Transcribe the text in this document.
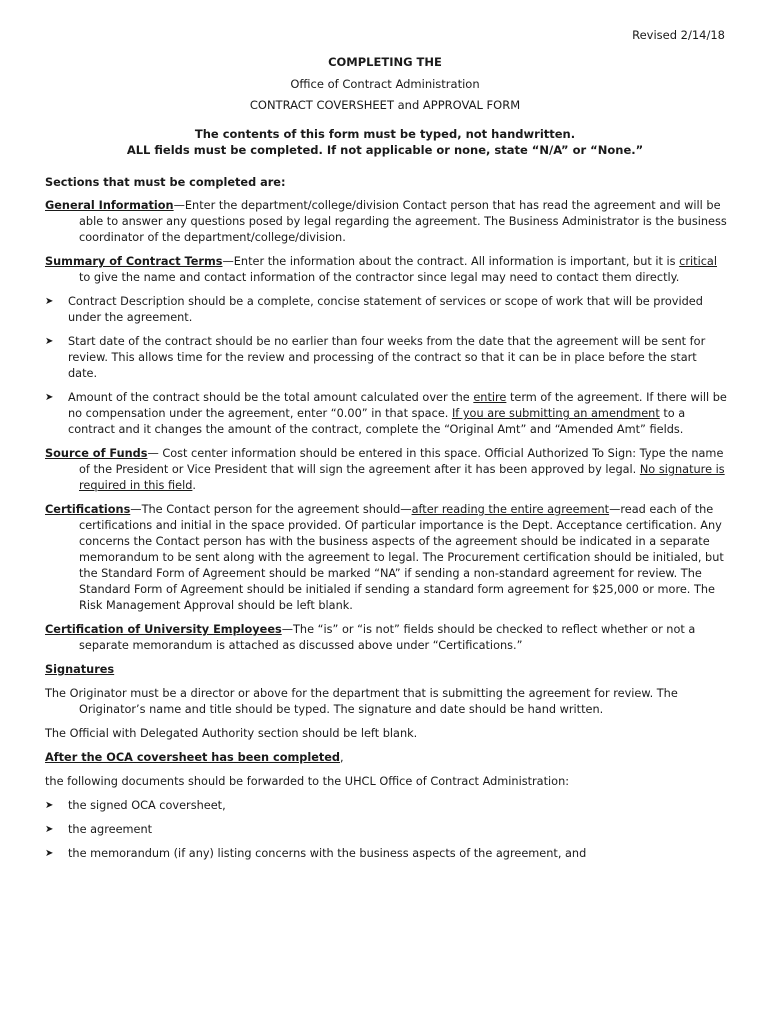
Revised 2/14/18
COMPLETING THE
Office of Contract Administration
CONTRACT COVERSHEET and APPROVAL FORM
The contents of this form must be typed, not handwritten.
ALL fields must be completed. If not applicable or none, state “N/A” or “None.”
Sections that must be completed are:
General Information—Enter the department/college/division Contact person that has read the agreement and will be able to answer any questions posed by legal regarding the agreement. The Business Administrator is the business coordinator of the department/college/division.
Summary of Contract Terms—Enter the information about the contract. All information is important, but it is critical to give the name and contact information of the contractor since legal may need to contact them directly.
➤ Contract Description should be a complete, concise statement of services or scope of work that will be provided under the agreement.
➤ Start date of the contract should be no earlier than four weeks from the date that the agreement will be sent for review. This allows time for the review and processing of the contract so that it can be in place before the start date.
➤ Amount of the contract should be the total amount calculated over the entire term of the agreement. If there will be no compensation under the agreement, enter “0.00” in that space. If you are submitting an amendment to a contract and it changes the amount of the contract, complete the “Original Amt” and “Amended Amt” fields.
Source of Funds— Cost center information should be entered in this space. Official Authorized To Sign: Type the name of the President or Vice President that will sign the agreement after it has been approved by legal. No signature is required in this field.
Certifications—The Contact person for the agreement should—after reading the entire agreement—read each of the certifications and initial in the space provided. Of particular importance is the Dept. Acceptance certification. Any concerns the Contact person has with the business aspects of the agreement should be indicated in a separate memorandum to be sent along with the agreement to legal. The Procurement certification should be initialed, but the Standard Form of Agreement should be marked “NA” if sending a non-standard agreement for review. The Standard Form of Agreement should be initialed if sending a standard form agreement for $25,000 or more. The Risk Management Approval should be left blank.
Certification of University Employees—The “is” or “is not” fields should be checked to reflect whether or not a separate memorandum is attached as discussed above under “Certifications.”
Signatures
The Originator must be a director or above for the department that is submitting the agreement for review. The Originator’s name and title should be typed. The signature and date should be hand written.
The Official with Delegated Authority section should be left blank.
After the OCA coversheet has been completed,
the following documents should be forwarded to the UHCL Office of Contract Administration:
➤ the signed OCA coversheet,
➤ the agreement
➤ the memorandum (if any) listing concerns with the business aspects of the agreement, and
